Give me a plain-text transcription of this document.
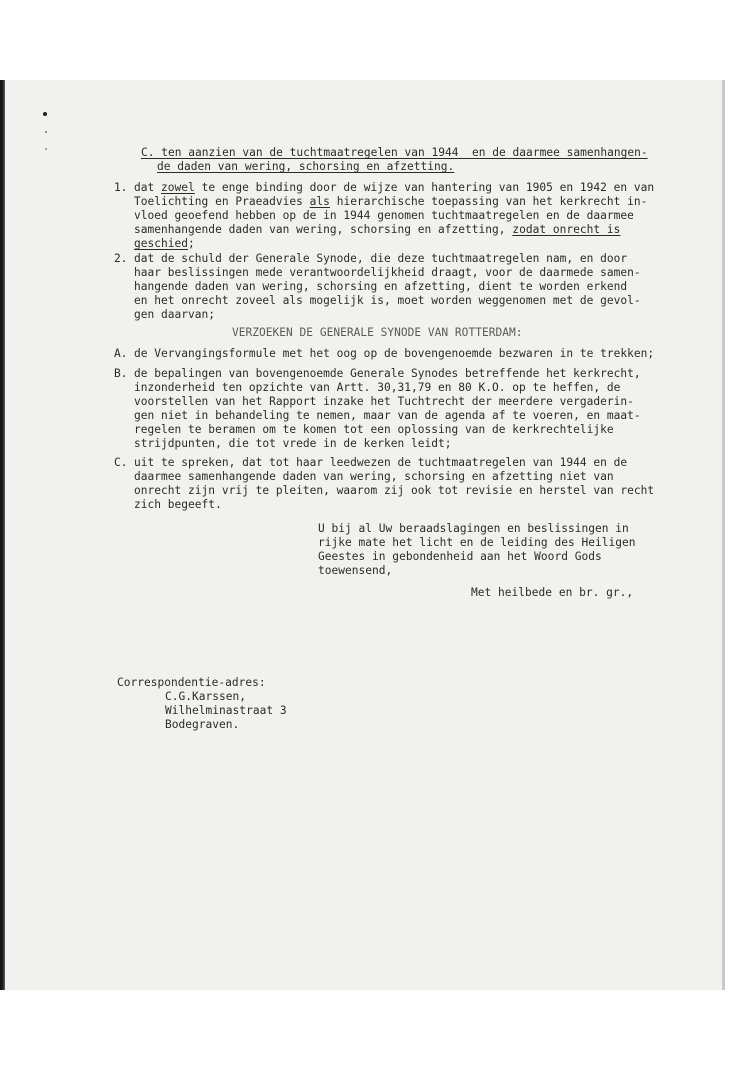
C. ten aanzien van de tuchtmaatregelen van 1944  en de daarmee samenhangen-
de daden van wering, schorsing en afzetting.
1. dat zowel te enge binding door de wijze van hantering van 1905 en 1942 en van
Toelichting en Praeadvies als hierarchische toepassing van het kerkrecht in-
vloed geoefend hebben op de in 1944 genomen tuchtmaatregelen en de daarmee
samenhangende daden van wering, schorsing en afzetting, zodat onrecht is
geschied;
2. dat de schuld der Generale Synode, die deze tuchtmaatregelen nam, en door
haar beslissingen mede verantwoordelijkheid draagt, voor de daarmede samen-
hangende daden van wering, schorsing en afzetting, dient te worden erkend
en het onrecht zoveel als mogelijk is, moet worden weggenomen met de gevol-
gen daarvan;
VERZOEKEN DE GENERALE SYNODE VAN ROTTERDAM:
A. de Vervangingsformule met het oog op de bovengenoemde bezwaren in te trekken;
B. de bepalingen van bovengenoemde Generale Synodes betreffende het kerkrecht,
inzonderheid ten opzichte van Artt. 30,31,79 en 80 K.O. op te heffen, de
voorstellen van het Rapport inzake het Tuchtrecht der meerdere vergaderin-
gen niet in behandeling te nemen, maar van de agenda af te voeren, en maat-
regelen te beramen om te komen tot een oplossing van de kerkrechtelijke
strijdpunten, die tot vrede in de kerken leidt;
C. uit te spreken, dat tot haar leedwezen de tuchtmaatregelen van 1944 en de
daarmee samenhangende daden van wering, schorsing en afzetting niet van
onrecht zijn vrij te pleiten, waarom zij ook tot revisie en herstel van recht
zich begeeft.
U bij al Uw beraadslagingen en beslissingen in
rijke mate het licht en de leiding des Heiligen
Geestes in gebondenheid aan het Woord Gods
toewensend,
Met heilbede en br. gr.,
Correspondentie-adres:
C.G.Karssen,
Wilhelminastraat 3
Bodegraven.
